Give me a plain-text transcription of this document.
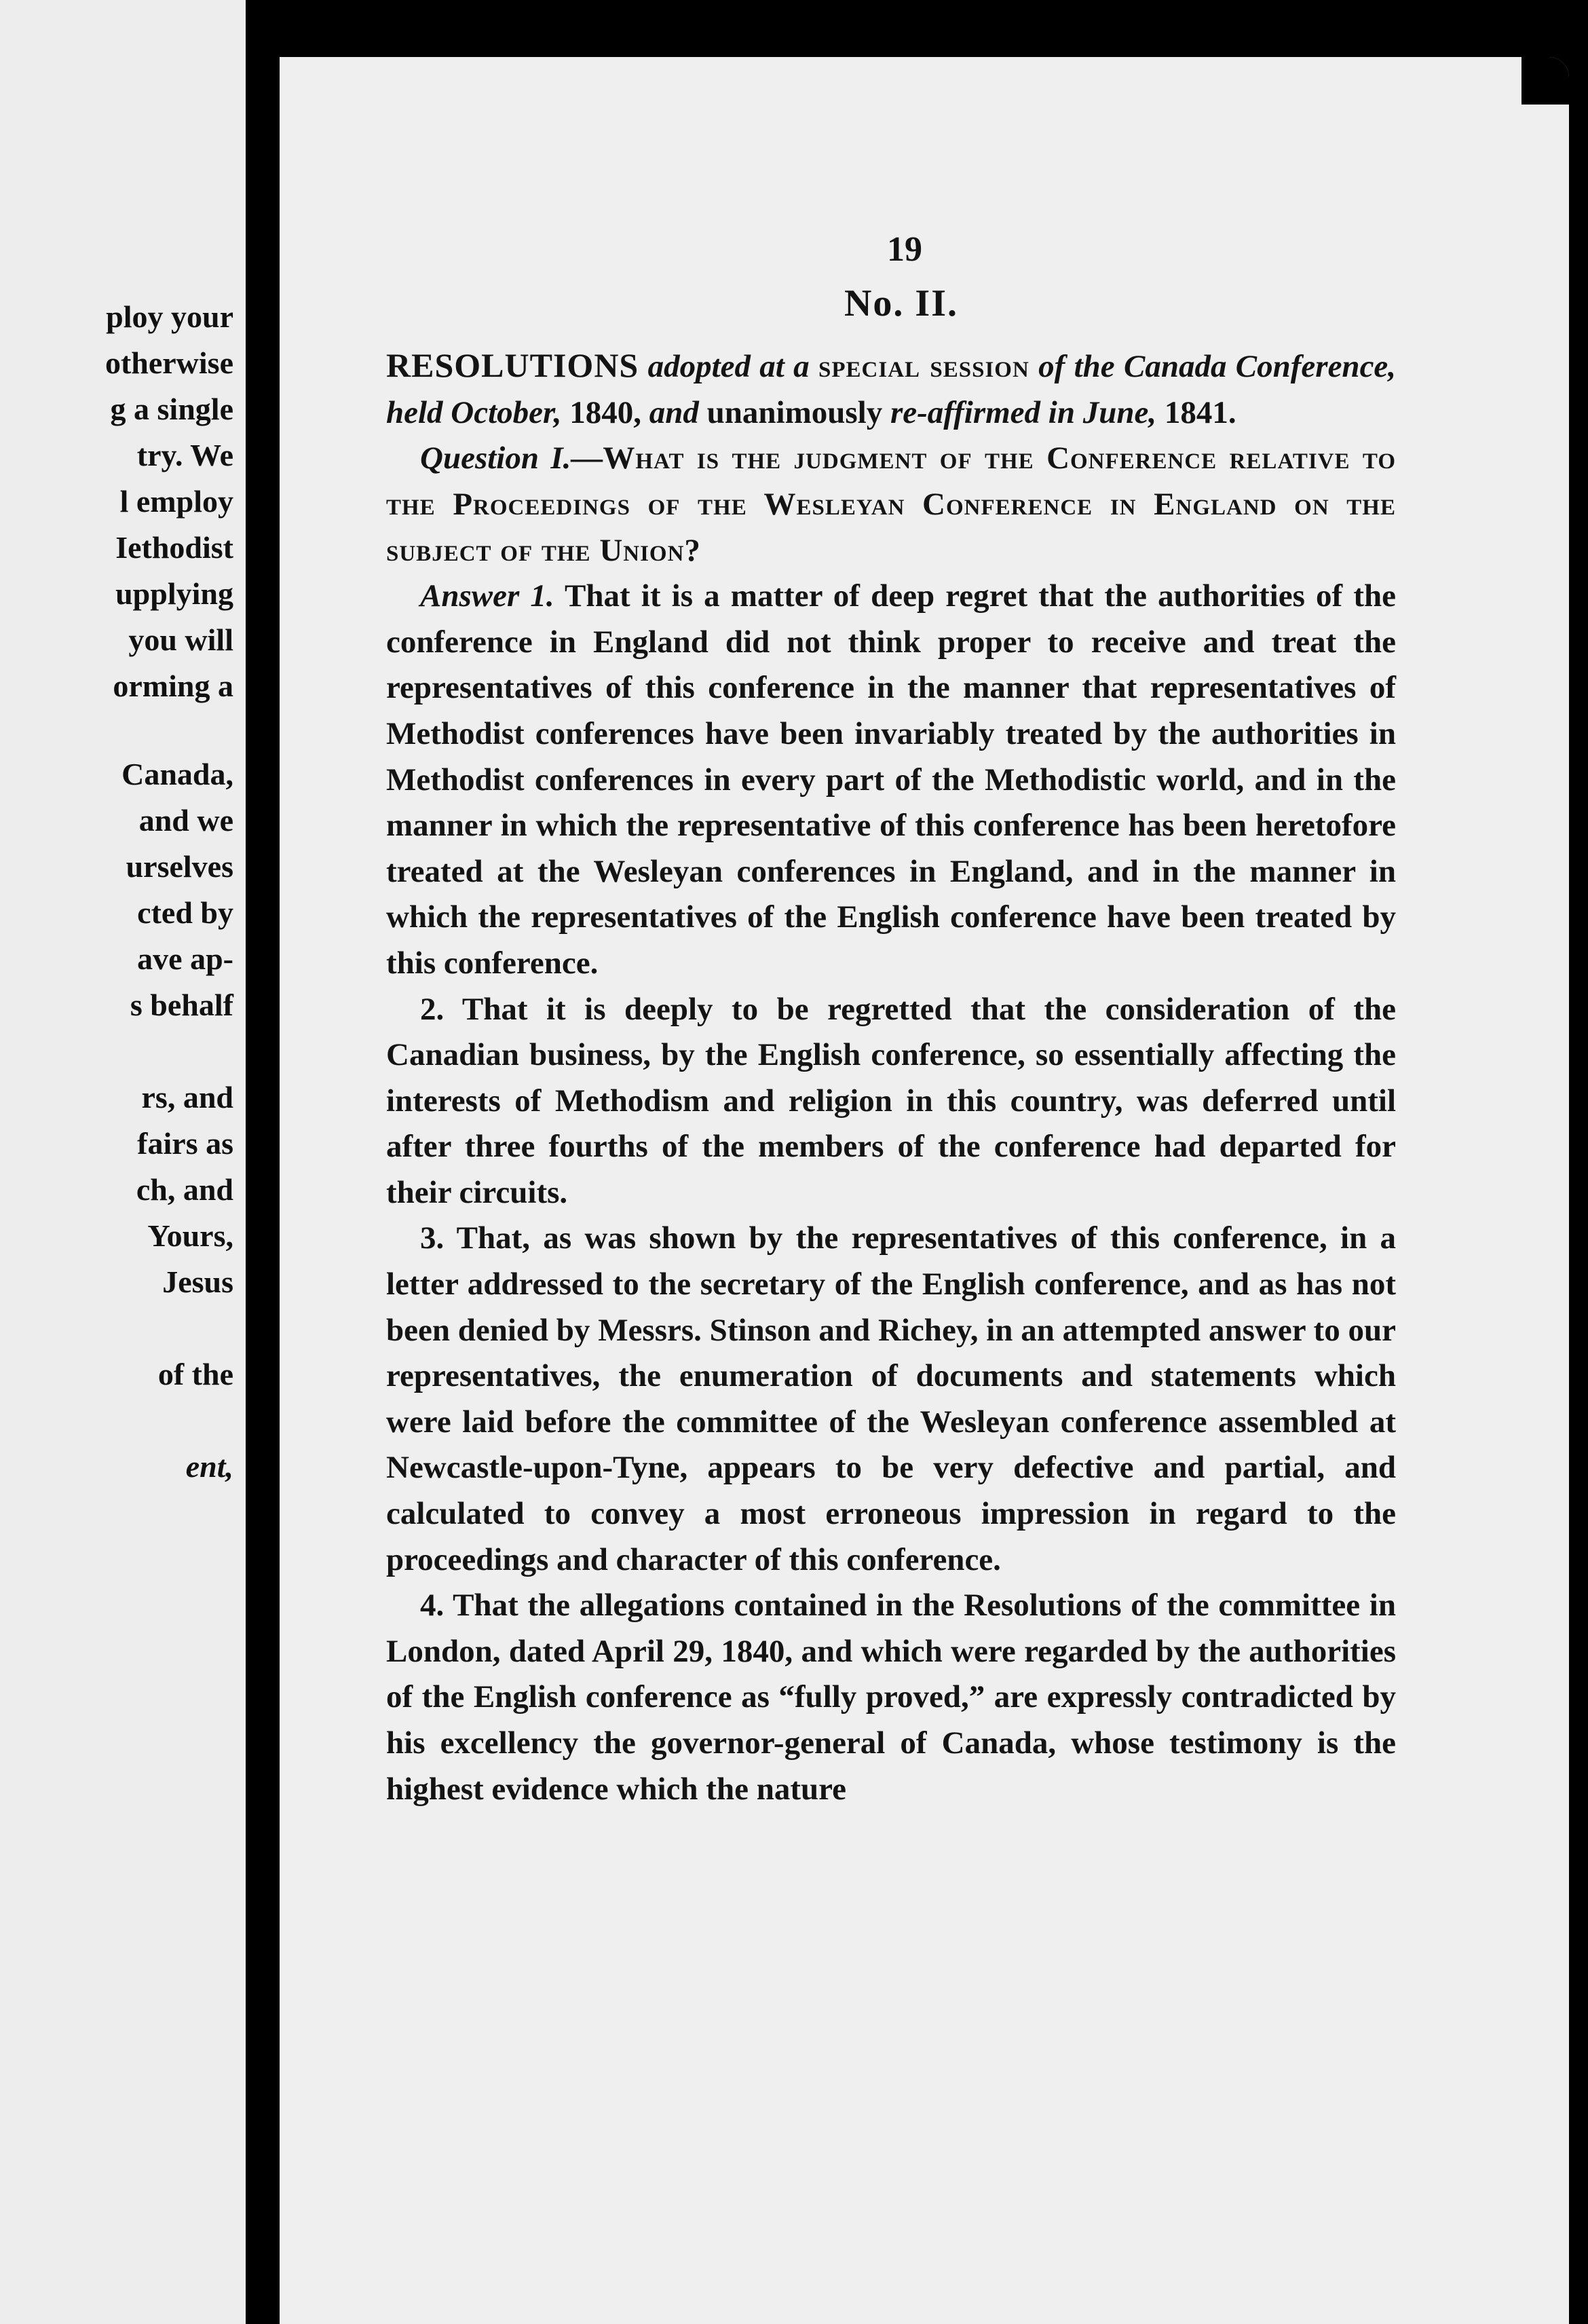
ploy your
otherwise
g a single
try. We
l employ
Iethodist
upplying
you will
orming a
Canada,
and we
urselves
cted by
ave ap-
s behalf
rs, and
fairs as
ch, and
Yours,
Jesus
of the
ent,
19
No. II.

RESOLUTIONS adopted at a special session of the Canada Conference, held October, 1840, and unanimously re-affirmed in June, 1841.

Question I.—What is the judgment of the Conference relative to the Proceedings of the Wesleyan Conference in England on the subject of the Union?

Answer 1. That it is a matter of deep regret that the authorities of the conference in England did not think proper to receive and treat the representatives of this conference in the manner that representatives of Methodist conferences have been invariably treated by the authorities in Methodist conferences in every part of the Methodistic world, and in the manner in which the representative of this conference has been heretofore treated at the Wesleyan conferences in England, and in the manner in which the representatives of the English conference have been treated by this conference.

2. That it is deeply to be regretted that the consideration of the Canadian business, by the English conference, so essentially affecting the interests of Methodism and religion in this country, was deferred until after three fourths of the members of the conference had departed for their circuits.

3. That, as was shown by the representatives of this conference, in a letter addressed to the secretary of the English conference, and as has not been denied by Messrs. Stinson and Richey, in an attempted answer to our representatives, the enumeration of documents and statements which were laid before the committee of the Wesleyan conference assembled at Newcastle-upon-Tyne, appears to be very defective and partial, and calculated to convey a most erroneous impression in regard to the proceedings and character of this conference.

4. That the allegations contained in the Resolutions of the committee in London, dated April 29, 1840, and which were regarded by the authorities of the English conference as “fully proved,” are expressly contradicted by his excellency the governor-general of Canada, whose testimony is the highest evidence which the nature
